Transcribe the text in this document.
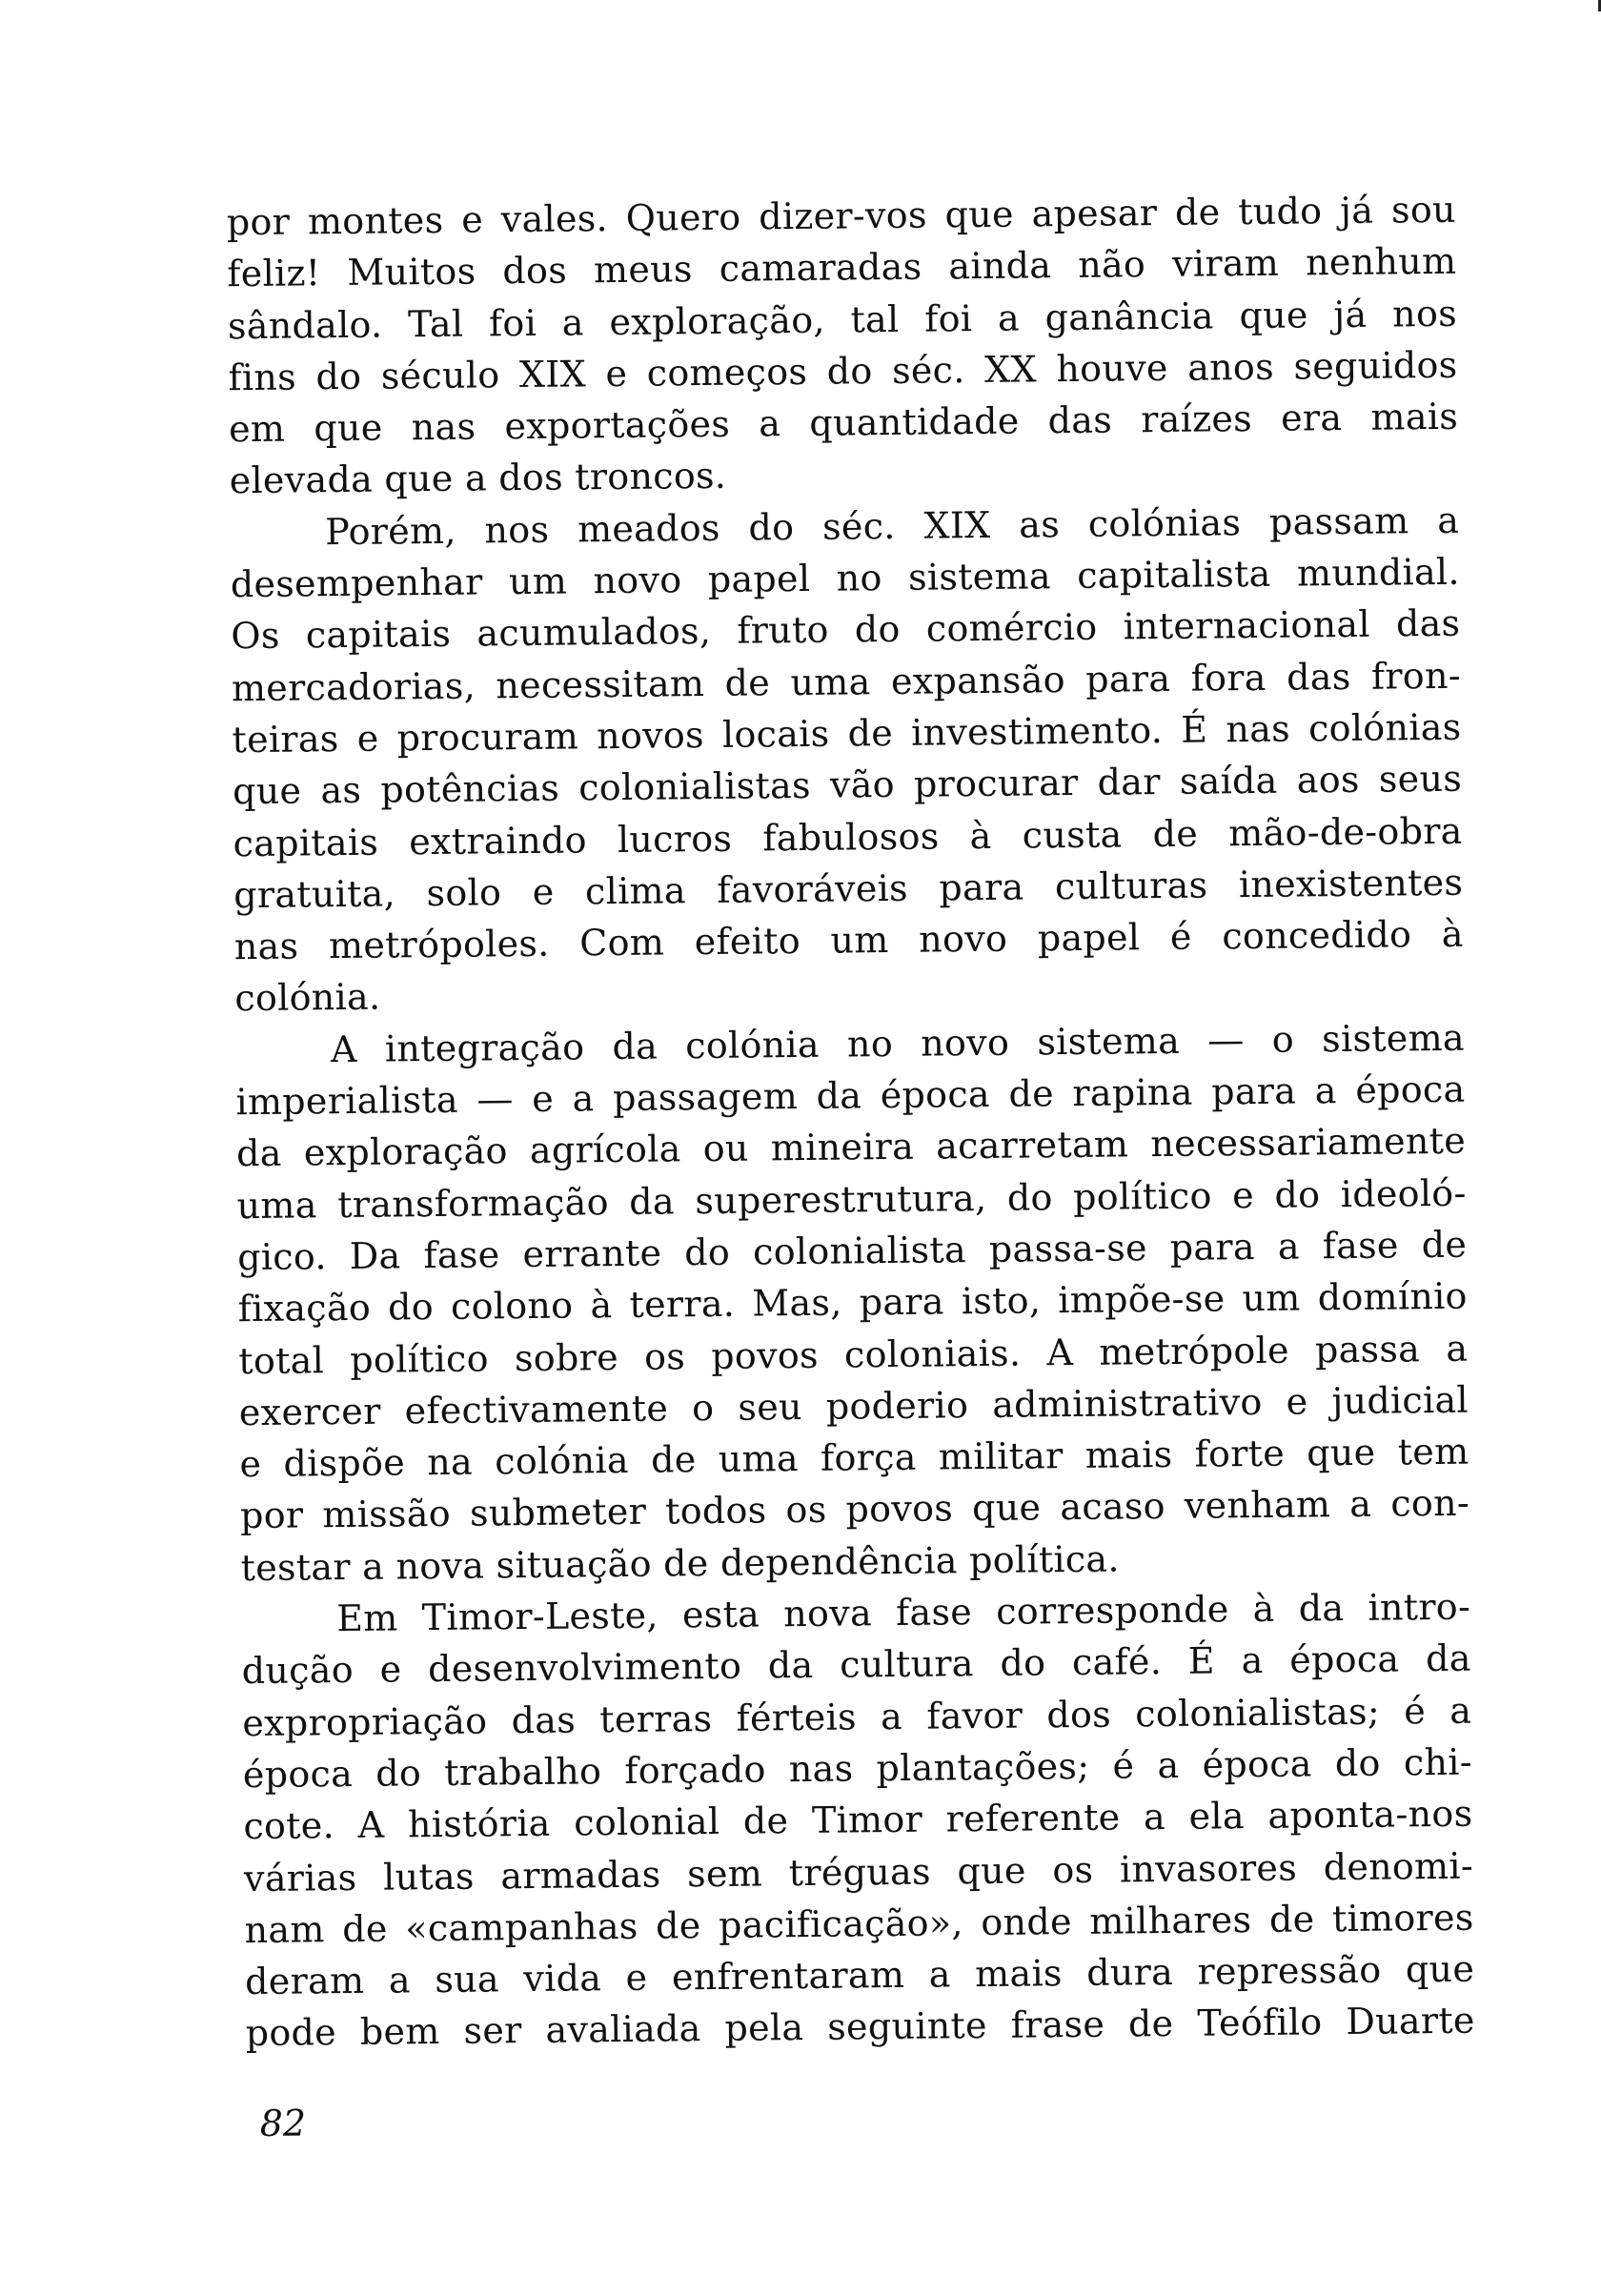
por montes e vales. Quero dizer-vos que apesar de tudo já sou
feliz! Muitos dos meus camaradas ainda não viram nenhum
sândalo. Tal foi a exploração, tal foi a ganância que já nos
fins do século XIX e começos do séc. XX houve anos seguidos
em que nas exportações a quantidade das raízes era mais
elevada que a dos troncos.
Porém, nos meados do séc. XIX as colónias passam a
desempenhar um novo papel no sistema capitalista mundial.
Os capitais acumulados, fruto do comércio internacional das
mercadorias, necessitam de uma expansão para fora das fron-
teiras e procuram novos locais de investimento. É nas colónias
que as potências colonialistas vão procurar dar saída aos seus
capitais extraindo lucros fabulosos à custa de mão-de-obra
gratuita, solo e clima favoráveis para culturas inexistentes
nas metrópoles. Com efeito um novo papel é concedido à
colónia.
A integração da colónia no novo sistema — o sistema
imperialista — e a passagem da época de rapina para a época
da exploração agrícola ou mineira acarretam necessariamente
uma transformação da superestrutura, do político e do ideoló-
gico. Da fase errante do colonialista passa-se para a fase de
fixação do colono à terra. Mas, para isto, impõe-se um domínio
total político sobre os povos coloniais. A metrópole passa a
exercer efectivamente o seu poderio administrativo e judicial
e dispõe na colónia de uma força militar mais forte que tem
por missão submeter todos os povos que acaso venham a con-
testar a nova situação de dependência política.
Em Timor-Leste, esta nova fase corresponde à da intro-
dução e desenvolvimento da cultura do café. É a época da
expropriação das terras férteis a favor dos colonialistas; é a
época do trabalho forçado nas plantações; é a época do chi-
cote. A história colonial de Timor referente a ela aponta-nos
várias lutas armadas sem tréguas que os invasores denomi-
nam de «campanhas de pacificação», onde milhares de timores
deram a sua vida e enfrentaram a mais dura repressão que
pode bem ser avaliada pela seguinte frase de Teófilo Duarte
82
